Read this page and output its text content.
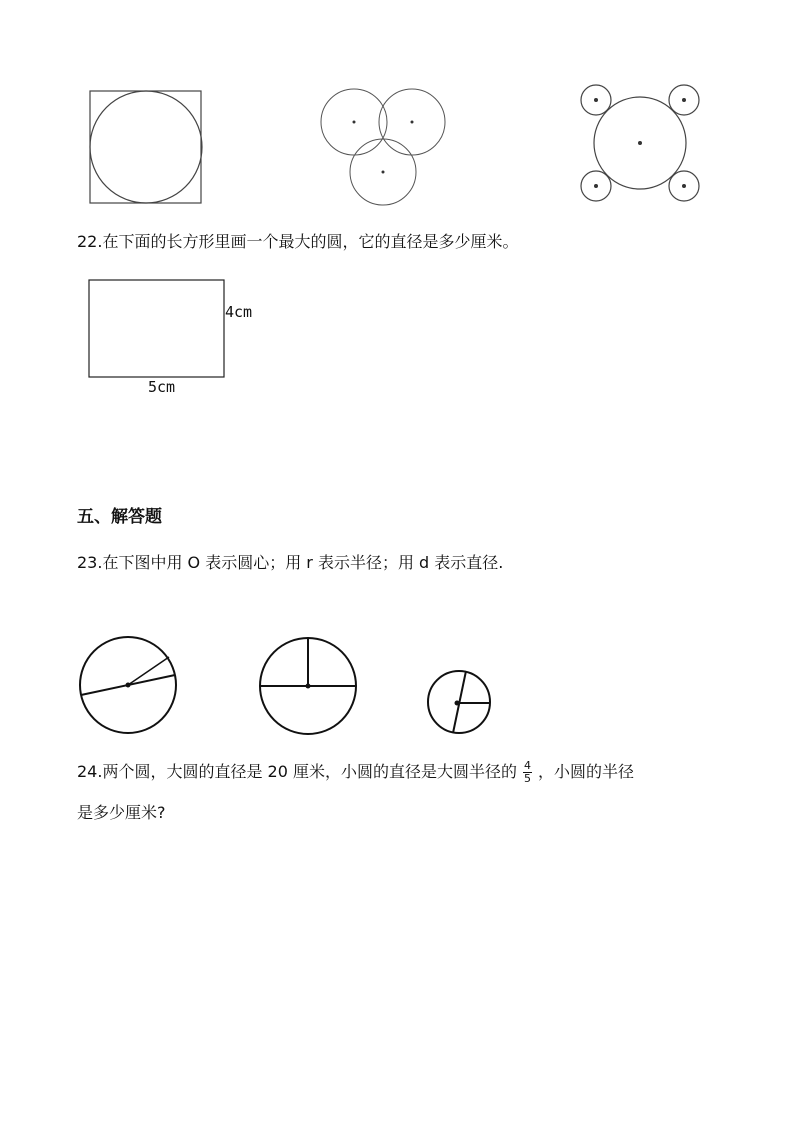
22.在下面的长方形里画一个最大的圆，它的直径是多少厘米。
4cm
5cm
五、解答题
23.在下图中用 O 表示圆心；用 r 表示半径；用 d 表示直径.
24.两个圆，大圆的直径是 20 厘米，小圆的直径是大圆半径的 $\frac{4}{5}$ ，小圆的半径
是多少厘米?
